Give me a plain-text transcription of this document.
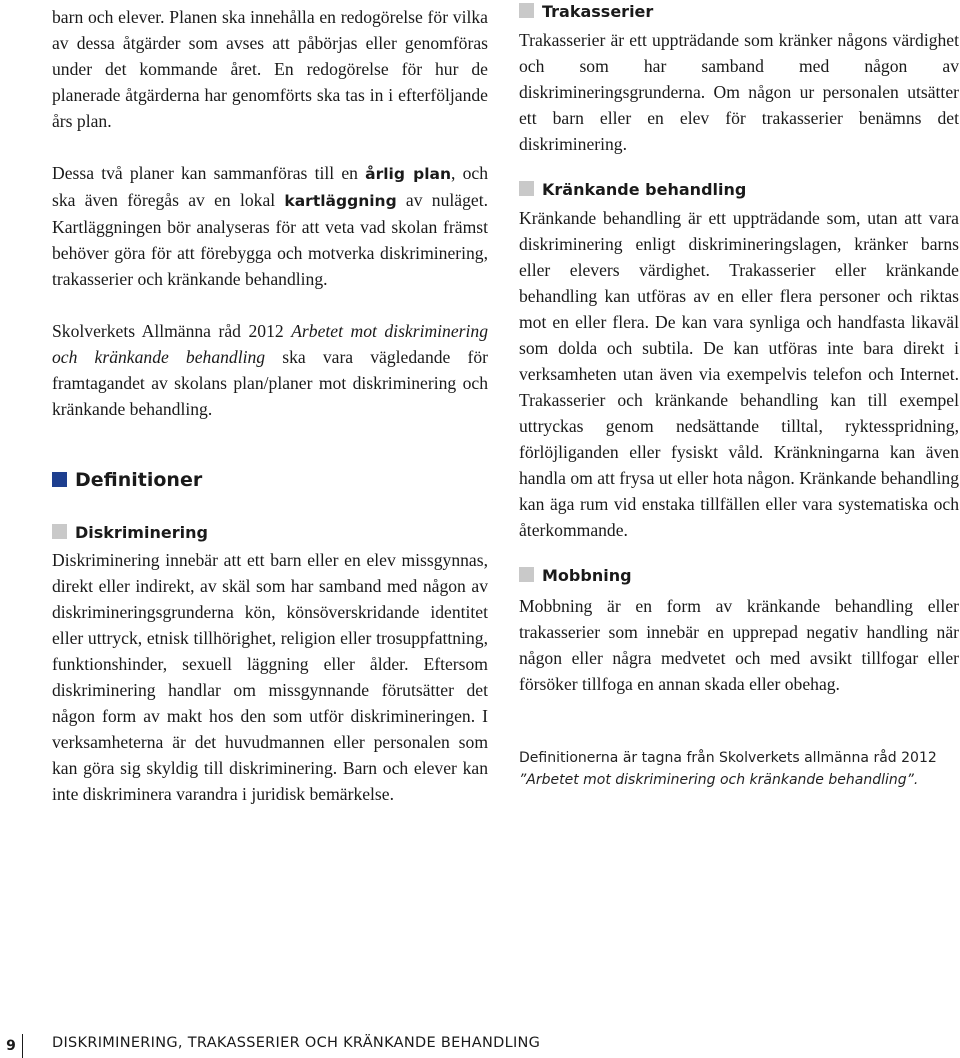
barn och elever. Planen ska innehålla en redogörelse för vilka av dessa åtgärder som avses att påbörjas eller genomföras under det kommande året. En redogörelse för hur de planerade åtgärderna har genomförts ska tas in i efterföljande års plan.

Dessa två planer kan sammanföras till en årlig plan, och ska även föregås av en lokal kartläggning av nuläget. Kartläggningen bör analyseras för att veta vad skolan främst behöver göra för att förebygga och motverka diskriminering, trakasserier och kränkande behandling.

Skolverkets Allmänna råd 2012 Arbetet mot diskriminering och kränkande behandling ska vara vägledande för framtagandet av skolans plan/planer mot diskriminering och kränkande behandling.

Definitioner
Diskriminering

Diskriminering innebär att ett barn eller en elev missgynnas, direkt eller indirekt, av skäl som har samband med någon av diskrimineringsgrunderna kön, könsöverskridande identitet eller uttryck, etnisk tillhörighet, religion eller trosuppfattning, funktionshinder, sexuell läggning eller ålder. Eftersom diskriminering handlar om missgynnande förutsätter det någon form av makt hos den som utför diskrimineringen. I verksamheterna är det huvudmannen eller personalen som kan göra sig skyldig till diskriminering. Barn och elever kan inte diskriminera varandra i juridisk bemärkelse.

Trakasserier

Trakasserier är ett uppträdande som kränker någons värdighet och som har samband med någon av diskrimineringsgrunderna. Om någon ur personalen utsätter ett barn eller en elev för trakasserier benämns det diskriminering.

Kränkande behandling

Kränkande behandling är ett uppträdande som, utan att vara diskriminering enligt diskrimineringslagen, kränker barns eller elevers värdighet. Trakasserier eller kränkande behandling kan utföras av en eller flera personer och riktas mot en eller flera. De kan vara synliga och handfasta likaväl som dolda och subtila. De kan utföras inte bara direkt i verksamheten utan även via exempelvis telefon och Internet. Trakasserier och kränkande behandling kan till exempel uttryckas genom nedsättande tilltal, ryktesspridning, förlöjliganden eller fysiskt våld. Kränkningarna kan även handla om att frysa ut eller hota någon. Kränkande behandling kan äga rum vid enstaka tillfällen eller vara systematiska och återkommande.

Mobbning

Mobbning är en form av kränkande behandling eller trakasserier som innebär en upprepad negativ handling när någon eller några medvetet och med avsikt tillfogar eller försöker tillfoga en annan skada eller obehag.

Definitionerna är tagna från Skolverkets allmänna råd 2012

”Arbetet mot diskriminering och kränkande behandling”.

9	DISKRIMINERING, TRAKASSERIER OCH KRÄNKANDE BEHANDLING
